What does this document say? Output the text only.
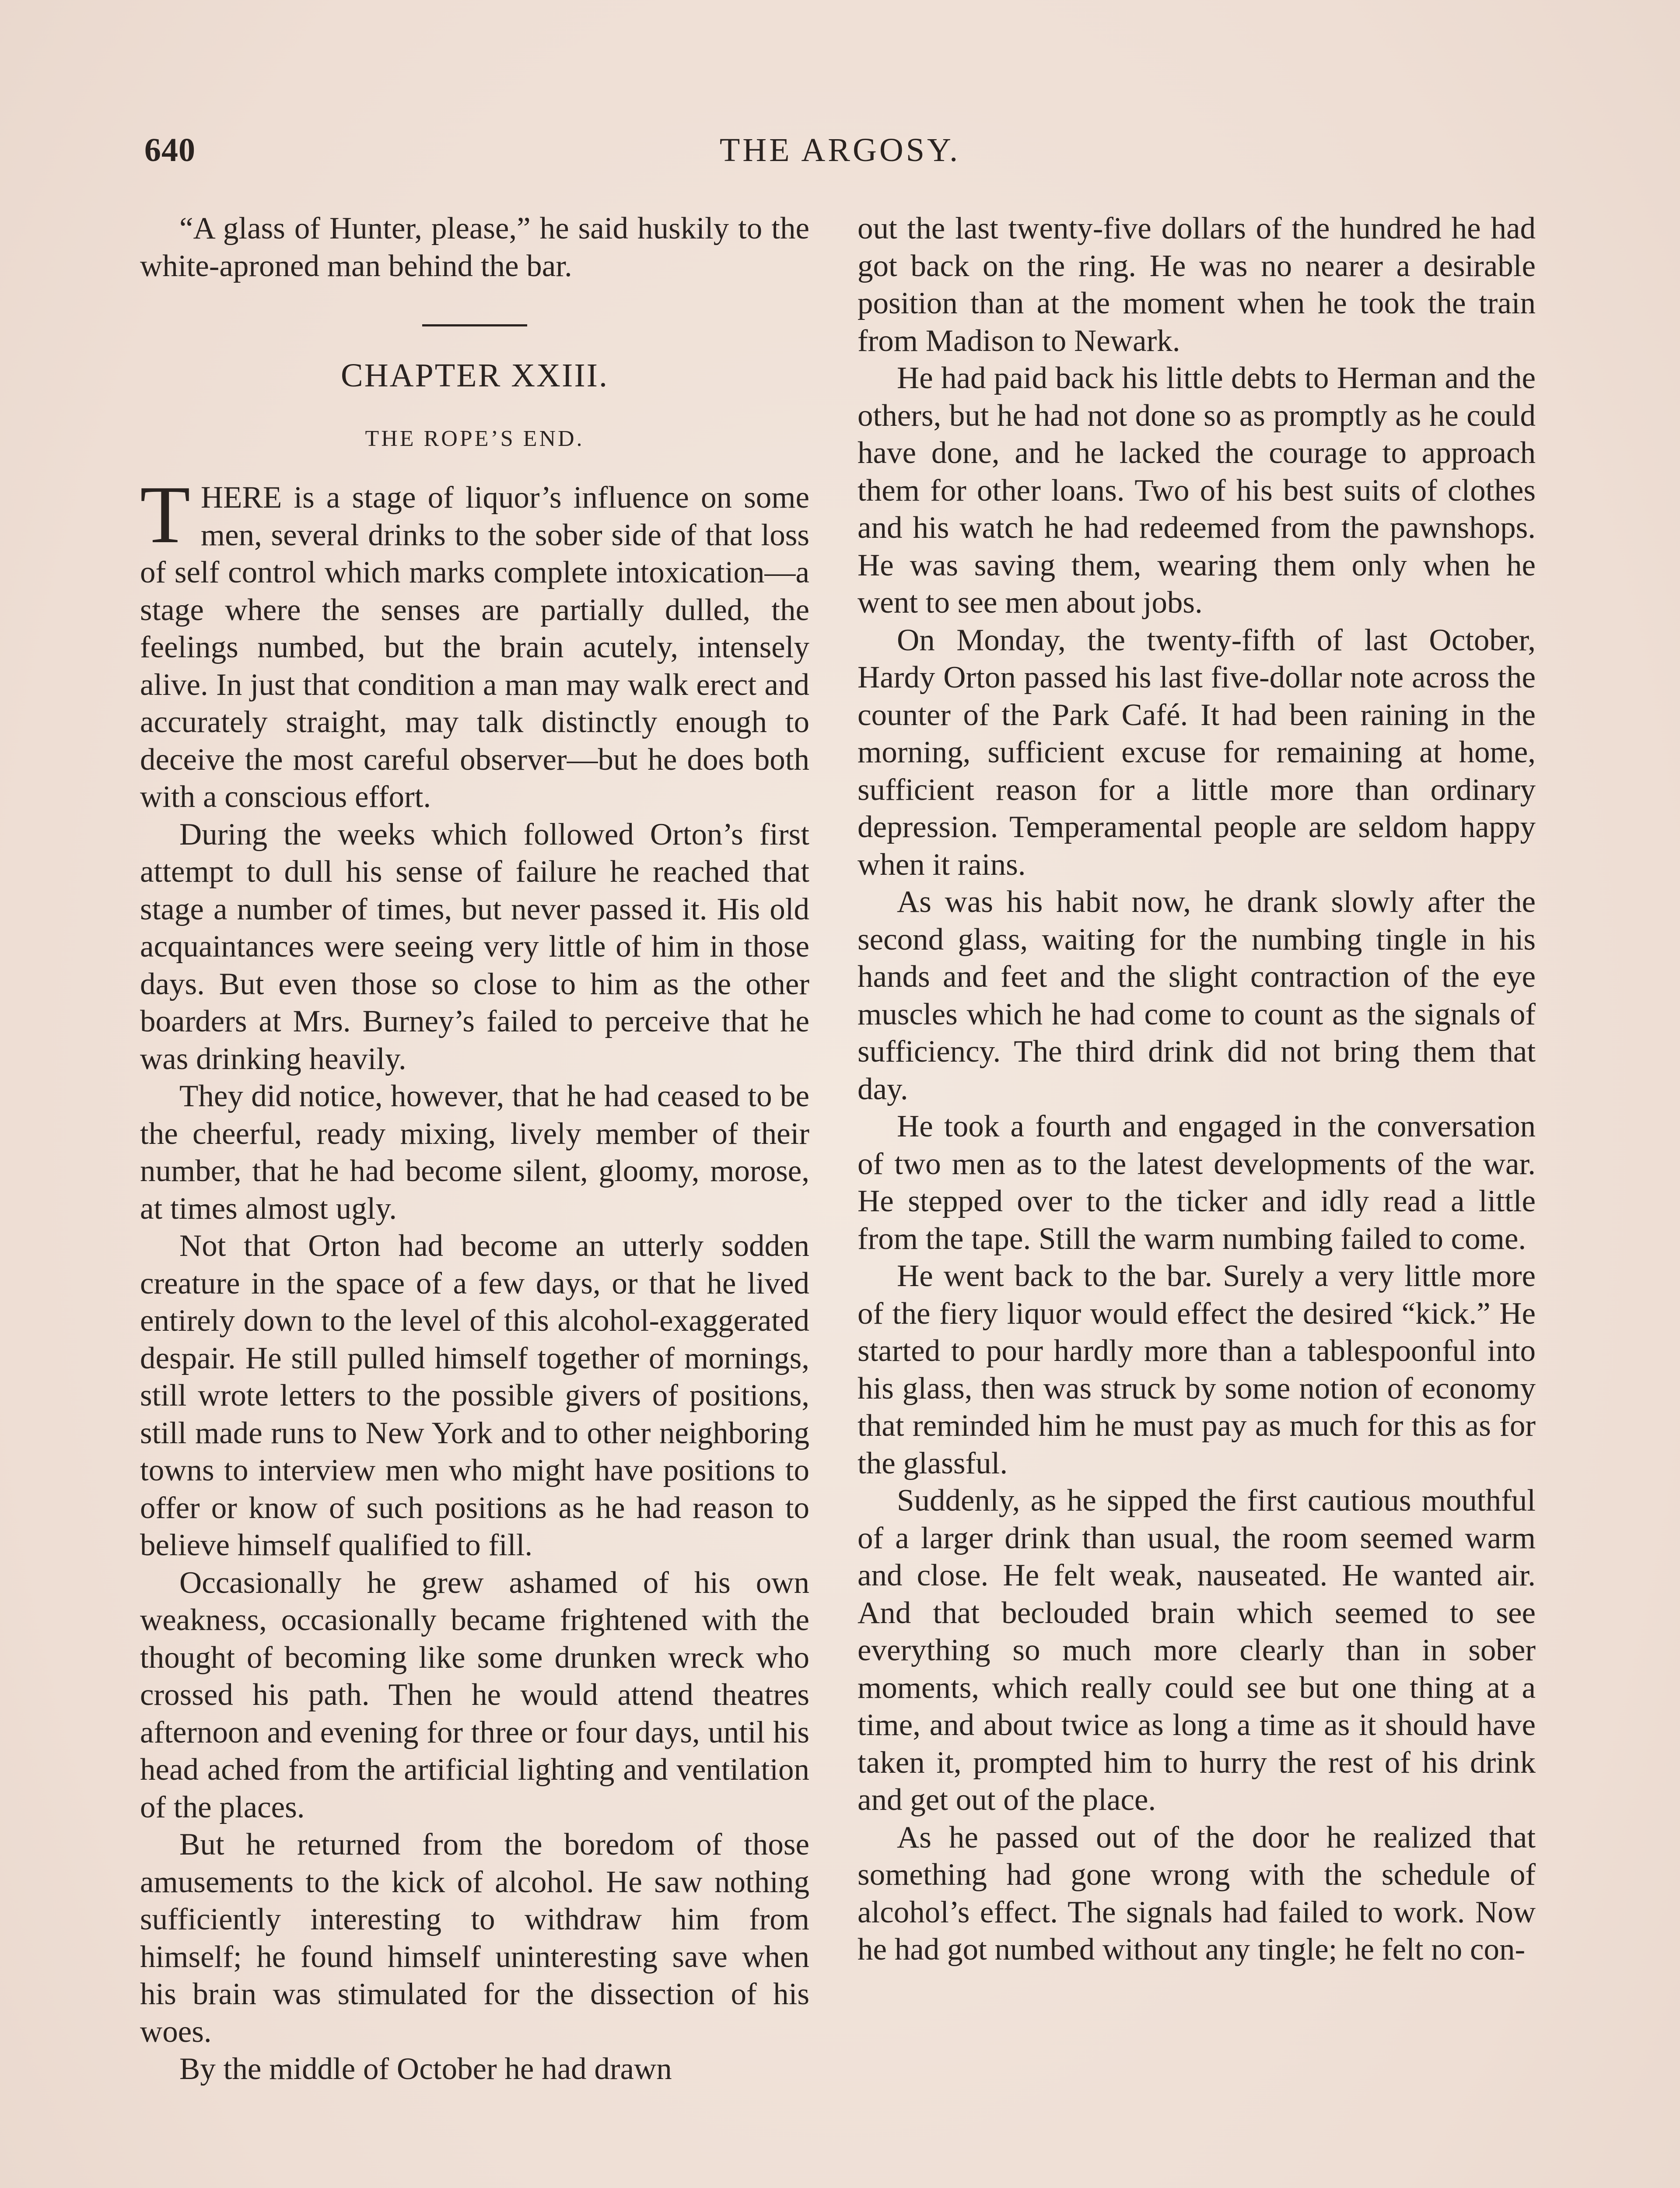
640	THE ARGOSY.

“A glass of Hunter, please,” he said huskily to the white-aproned man behind the bar.

CHAPTER XXIII.
THE ROPE’S END.

THERE is a stage of liquor’s influence on some men, several drinks to the sober side of that loss of self control which marks complete intoxication—a stage where the senses are partially dulled, the feelings numbed, but the brain acutely, intensely alive. In just that condition a man may walk erect and accurately straight, may talk distinctly enough to deceive the most careful observer—but he does both with a conscious effort.

During the weeks which followed Orton’s first attempt to dull his sense of failure he reached that stage a number of times, but never passed it. His old acquaintances were seeing very little of him in those days. But even those so close to him as the other boarders at Mrs. Burney’s failed to perceive that he was drinking heavily.

They did notice, however, that he had ceased to be the cheerful, ready mixing, lively member of their number, that he had become silent, gloomy, morose, at times almost ugly.

Not that Orton had become an utterly sodden creature in the space of a few days, or that he lived entirely down to the level of this alcohol-exaggerated despair. He still pulled himself together of mornings, still wrote letters to the possible givers of positions, still made runs to New York and to other neighboring towns to interview men who might have positions to offer or know of such positions as he had reason to believe himself qualified to fill.

Occasionally he grew ashamed of his own weakness, occasionally became frightened with the thought of becoming like some drunken wreck who crossed his path. Then he would attend theatres afternoon and evening for three or four days, until his head ached from the artificial lighting and ventilation of the places.

But he returned from the boredom of those amusements to the kick of alcohol. He saw nothing sufficiently interesting to withdraw him from himself; he found himself uninteresting save when his brain was stimulated for the dissection of his woes.

By the middle of October he had drawn

out the last twenty-five dollars of the hundred he had got back on the ring. He was no nearer a desirable position than at the moment when he took the train from Madison to Newark.

He had paid back his little debts to Herman and the others, but he had not done so as promptly as he could have done, and he lacked the courage to approach them for other loans. Two of his best suits of clothes and his watch he had redeemed from the pawnshops. He was saving them, wearing them only when he went to see men about jobs.

On Monday, the twenty-fifth of last October, Hardy Orton passed his last five-dollar note across the counter of the Park Café. It had been raining in the morning, sufficient excuse for remaining at home, sufficient reason for a little more than ordinary depression. Temperamental people are seldom happy when it rains.

As was his habit now, he drank slowly after the second glass, waiting for the numbing tingle in his hands and feet and the slight contraction of the eye muscles which he had come to count as the signals of sufficiency. The third drink did not bring them that day.

He took a fourth and engaged in the conversation of two men as to the latest developments of the war. He stepped over to the ticker and idly read a little from the tape. Still the warm numbing failed to come.

He went back to the bar. Surely a very little more of the fiery liquor would effect the desired “kick.” He started to pour hardly more than a tablespoonful into his glass, then was struck by some notion of economy that reminded him he must pay as much for this as for the glassful.

Suddenly, as he sipped the first cautious mouthful of a larger drink than usual, the room seemed warm and close. He felt weak, nauseated. He wanted air. And that beclouded brain which seemed to see everything so much more clearly than in sober moments, which really could see but one thing at a time, and about twice as long a time as it should have taken it, prompted him to hurry the rest of his drink and get out of the place.

As he passed out of the door he realized that something had gone wrong with the schedule of alcohol’s effect. The signals had failed to work. Now he had got numbed without any tingle; he felt no con-
